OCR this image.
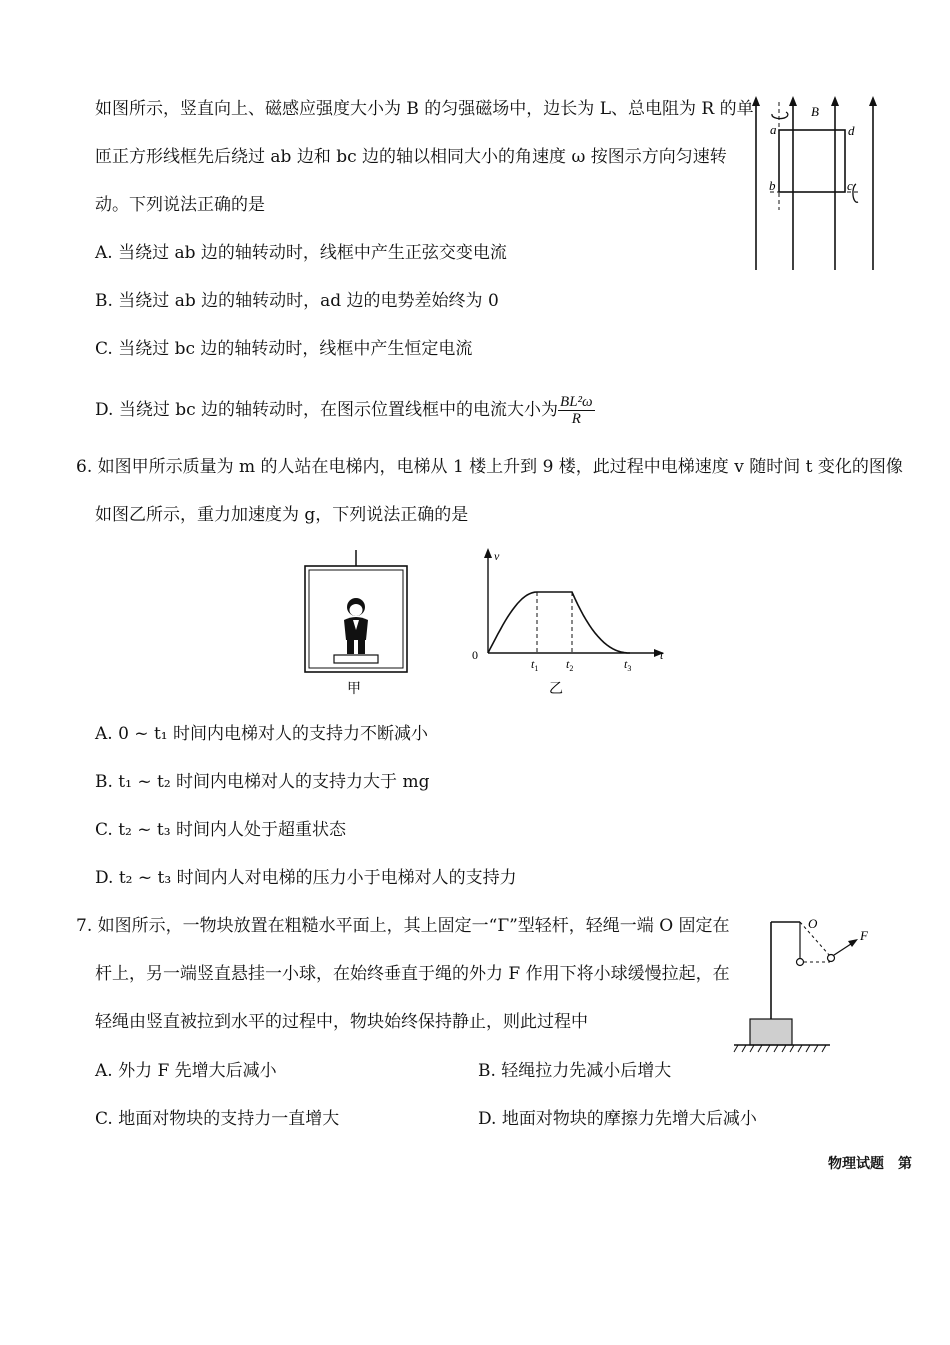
如图所示，竖直向上、磁感应强度大小为 B 的匀强磁场中，边长为 L、总电阻为 R 的单
匝正方形线框先后绕过 ab 边和 bc 边的轴以相同大小的角速度 ω 按图示方向匀速转
动。下列说法正确的是
A. 当绕过 ab 边的轴转动时，线框中产生正弦交变电流
B. 当绕过 ab 边的轴转动时，ad 边的电势差始终为 0
C. 当绕过 bc 边的轴转动时，线框中产生恒定电流
D. 当绕过 bc 边的轴转动时，在图示位置线框中的电流大小为 $\frac{\text{BL²ω}}{R}$
B
a	d
b	c
6. 如图甲所示质量为 m 的人站在电梯内，电梯从 1 楼上升到 9 楼，此过程中电梯速度 v 随时间 t 变化的图像
如图乙所示，重力加速度为 g，下列说法正确的是
甲
v
t
0
$t_1$ $t_2$	$t_3$
乙
A. 0 ~ t₁ 时间内电梯对人的支持力不断减小
B. t₁ ~ t₂ 时间内电梯对人的支持力大于 mg
C. t₂ ~ t₃ 时间内人处于超重状态
D. t₂ ~ t₃ 时间内人对电梯的压力小于电梯对人的支持力
7. 如图所示，一物块放置在粗糙水平面上，其上固定一“Γ”型轻杆，轻绳一端 O 固定在
杆上，另一端竖直悬挂一小球，在始终垂直于绳的外力 F 作用下将小球缓慢拉起，在
轻绳由竖直被拉到水平的过程中，物块始终保持静止，则此过程中
A. 外力 F 先增大后减小	B. 轻绳拉力先减小后增大
C. 地面对物块的支持力一直增大	D. 地面对物块的摩擦力先增大后减小
O
F
物理试题　第
